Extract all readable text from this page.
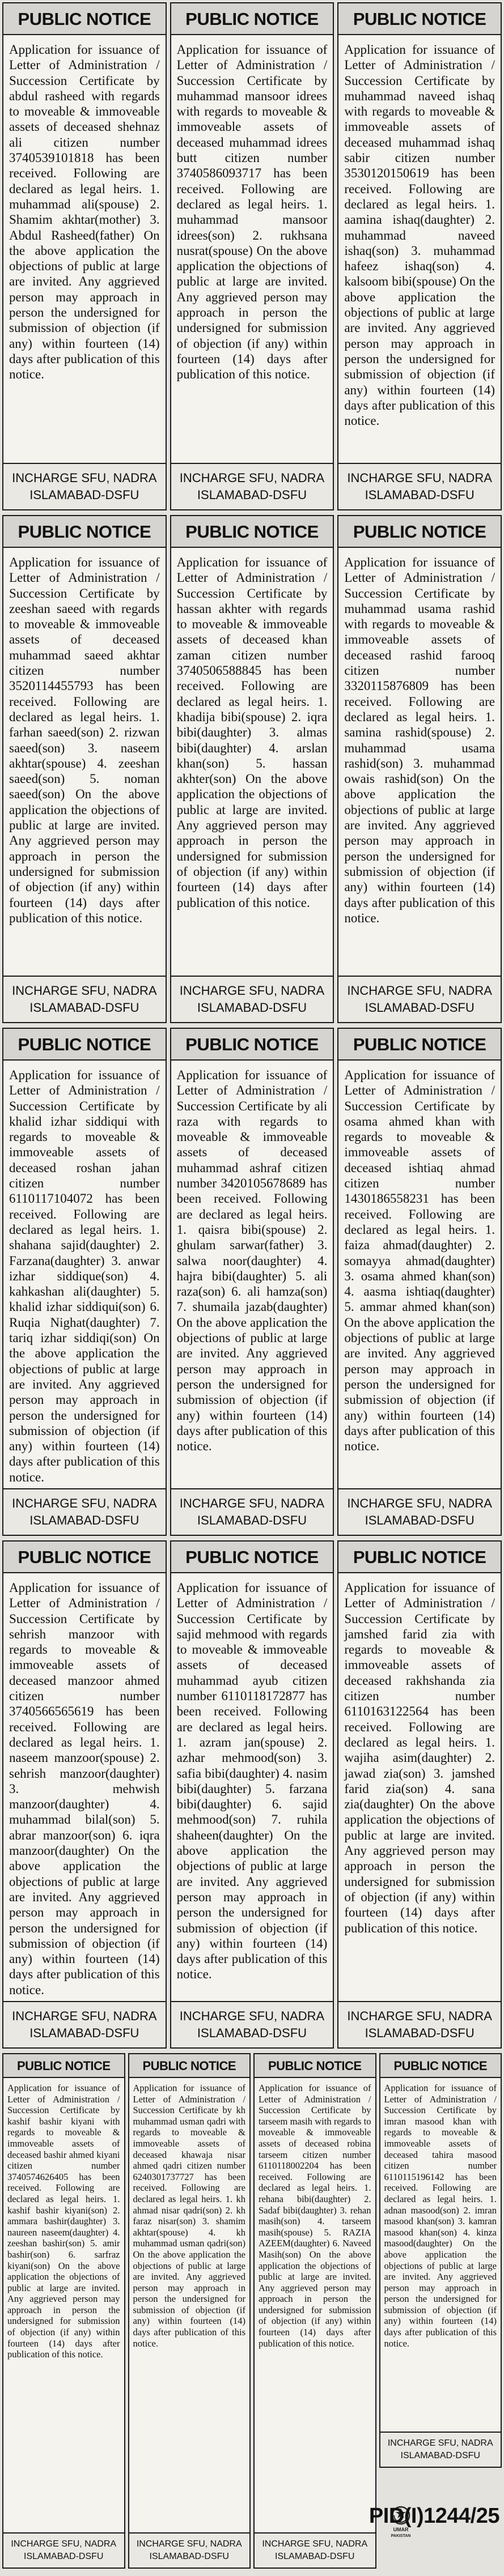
PUBLIC NOTICE
Application for issuance of Letter of Administration / Succession Certificate by abdul rasheed with regards to moveable & immoveable assets of deceased shehnaz ali citizen number 3740539101818 has been received. Following are declared as legal heirs. 1. muhammad ali(spouse) 2. Shamim akhtar(mother) 3. Abdul Rasheed(father) On the above application the objections of public at large are invited. Any aggrieved person may approach in person the undersigned for submission of objection (if any) within fourteen (14) days after publication of this notice.
INCHARGE SFU, NADRA
ISLAMABAD-DSFU
PUBLIC NOTICE
Application for issuance of Letter of Administration / Succession Certificate by muhammad mansoor idrees with regards to moveable & immoveable assets of deceased muhammad idrees butt citizen number 3740586093717 has been received. Following are declared as legal heirs. 1. muhammad mansoor idrees(son) 2. rukhsana nusrat(spouse) On the above application the objections of public at large are invited. Any aggrieved person may approach in person the undersigned for submission of objection (if any) within fourteen (14) days after publication of this notice.
INCHARGE SFU, NADRA
ISLAMABAD-DSFU
PUBLIC NOTICE
Application for issuance of Letter of Administration / Succession Certificate by muhammad naveed ishaq with regards to moveable & immoveable assets of deceased muhammad ishaq sabir citizen number 3530120150619 has been received. Following are declared as legal heirs. 1. aamina ishaq(daughter) 2. muhammad naveed ishaq(son) 3. muhammad hafeez ishaq(son) 4. kalsoom bibi(spouse) On the above application the objections of public at large are invited. Any aggrieved person may approach in person the undersigned for submission of objection (if any) within fourteen (14) days after publication of this notice.
INCHARGE SFU, NADRA
ISLAMABAD-DSFU
PUBLIC NOTICE
Application for issuance of Letter of Administration / Succession Certificate by zeeshan saeed with regards to moveable & immoveable assets of deceased muhammad saeed akhtar citizen number 3520114455793 has been received. Following are declared as legal heirs. 1. farhan saeed(son) 2. rizwan saeed(son) 3. naseem akhtar(spouse) 4. zeeshan saeed(son) 5. noman saeed(son) On the above application the objections of public at large are invited. Any aggrieved person may approach in person the undersigned for submission of objection (if any) within fourteen (14) days after publication of this notice.
INCHARGE SFU, NADRA
ISLAMABAD-DSFU
PUBLIC NOTICE
Application for issuance of Letter of Administration / Succession Certificate by hassan akhter with regards to moveable & immoveable assets of deceased khan zaman citizen number 3740506588845 has been received. Following are declared as legal heirs. 1. khadija bibi(spouse) 2. iqra bibi(daughter) 3. almas bibi(daughter) 4. arslan khan(son) 5. hassan akhter(son) On the above application the objections of public at large are invited. Any aggrieved person may approach in person the undersigned for submission of objection (if any) within fourteen (14) days after publication of this notice.
INCHARGE SFU, NADRA
ISLAMABAD-DSFU
PUBLIC NOTICE
Application for issuance of Letter of Administration / Succession Certificate by muhammad usama rashid with regards to moveable & immoveable assets of deceased rashid farooq citizen number 3320115876809 has been received. Following are declared as legal heirs. 1. samina rashid(spouse) 2. muhammad usama rashid(son) 3. muhammad owais rashid(son) On the above application the objections of public at large are invited. Any aggrieved person may approach in person the undersigned for submission of objection (if any) within fourteen (14) days after publication of this notice.
INCHARGE SFU, NADRA
ISLAMABAD-DSFU
PUBLIC NOTICE
Application for issuance of Letter of Administration / Succession Certificate by khalid izhar siddiqui with regards to moveable & immoveable assets of deceased roshan jahan citizen number 6110117104072 has been received. Following are declared as legal heirs. 1. shahana sajid(daughter) 2. Farzana(daughter) 3. anwar izhar siddique(son) 4. kahkashan ali(daughter) 5. khalid izhar siddiqui(son) 6. Ruqia Nighat(daughter) 7. tariq izhar siddiqi(son) On the above application the objections of public at large are invited. Any aggrieved person may approach in person the undersigned for submission of objection (if any) within fourteen (14) days after publication of this notice.
INCHARGE SFU, NADRA
ISLAMABAD-DSFU
PUBLIC NOTICE
Application for issuance of Letter of Administration / Succession Certificate by ali raza with regards to moveable & immoveable assets of deceased muhammad ashraf citizen number 3420105678689 has been received. Following are declared as legal heirs. 1. qaisra bibi(spouse) 2. ghulam sarwar(father) 3. salwa noor(daughter) 4. hajra bibi(daughter) 5. ali raza(son) 6. ali hamza(son) 7. shumaila jazab(daughter) On the above application the objections of public at large are invited. Any aggrieved person may approach in person the undersigned for submission of objection (if any) within fourteen (14) days after publication of this notice.
INCHARGE SFU, NADRA
ISLAMABAD-DSFU
PUBLIC NOTICE
Application for issuance of Letter of Administration / Succession Certificate by osama ahmed khan with regards to moveable & immoveable assets of deceased ishtiaq ahmad citizen number 1430186558231 has been received. Following are declared as legal heirs. 1. faiza ahmad(daughter) 2. somayya ahmad(daughter) 3. osama ahmed khan(son) 4. aasma ishtiaq(daughter) 5. ammar ahmed khan(son) On the above application the objections of public at large are invited. Any aggrieved person may approach in person the undersigned for submission of objection (if any) within fourteen (14) days after publication of this notice.
INCHARGE SFU, NADRA
ISLAMABAD-DSFU
PUBLIC NOTICE
Application for issuance of Letter of Administration / Succession Certificate by sehrish manzoor with regards to moveable & immoveable assets of deceased manzoor ahmed citizen number 3740566565619 has been received. Following are declared as legal heirs. 1. naseem manzoor(spouse) 2. sehrish manzoor(daughter) 3. mehwish manzoor(daughter) 4. muhammad bilal(son) 5. abrar manzoor(son) 6. iqra manzoor(daughter) On the above application the objections of public at large are invited. Any aggrieved person may approach in person the undersigned for submission of objection (if any) within fourteen (14) days after publication of this notice.
INCHARGE SFU, NADRA
ISLAMABAD-DSFU
PUBLIC NOTICE
Application for issuance of Letter of Administration / Succession Certificate by sajid mehmood with regards to moveable & immoveable assets of deceased muhammad ayub citizen number 6110118172877 has been received. Following are declared as legal heirs. 1. azram jan(spouse) 2. azhar mehmood(son) 3. safia bibi(daughter) 4. nasim bibi(daughter) 5. farzana bibi(daughter) 6. sajid mehmood(son) 7. ruhila shaheen(daughter) On the above application the objections of public at large are invited. Any aggrieved person may approach in person the undersigned for submission of objection (if any) within fourteen (14) days after publication of this notice.
INCHARGE SFU, NADRA
ISLAMABAD-DSFU
PUBLIC NOTICE
Application for issuance of Letter of Administration / Succession Certificate by jamshed farid zia with regards to moveable & immoveable assets of deceased rakhshanda zia citizen number 6110163122564 has been received. Following are declared as legal heirs. 1. wajiha asim(daughter) 2. jawad zia(son) 3. jamshed farid zia(son) 4. sana zia(daughter) On the above application the objections of public at large are invited. Any aggrieved person may approach in person the undersigned for submission of objection (if any) within fourteen (14) days after publication of this notice.
INCHARGE SFU, NADRA
ISLAMABAD-DSFU
PUBLIC NOTICE
Application for issuance of Letter of Administration / Succession Certificate by kashif bashir kiyani with regards to moveable & immoveable assets of deceased bashir ahmed kiyani citizen number 3740574626405 has been received. Following are declared as legal heirs. 1. kashif bashir kiyani(son) 2. ammara bashir(daughter) 3. naureen naseem(daughter) 4. zeeshan bashir(son) 5. amir bashir(son) 6. sarfraz kiyani(son) On the above application the objections of public at large are invited. Any aggrieved person may approach in person the undersigned for submission of objection (if any) within fourteen (14) days after publication of this notice.
INCHARGE SFU, NADRA
ISLAMABAD-DSFU
PUBLIC NOTICE
Application for issuance of Letter of Administration / Succession Certificate by kh muhammad usman qadri with regards to moveable & immoveable assets of deceased khawaja nisar ahmed qadri citizen number 6240301737727 has been received. Following are declared as legal heirs. 1. kh ahmad nisar qadri(son) 2. kh faraz nisar(son) 3. shamim akhtar(spouse) 4. kh muhammad usman qadri(son) On the above application the objections of public at large are invited. Any aggrieved person may approach in person the undersigned for submission of objection (if any) within fourteen (14) days after publication of this notice.
INCHARGE SFU, NADRA
ISLAMABAD-DSFU
PUBLIC NOTICE
Application for issuance of Letter of Administration / Succession Certificate by tarseem masih with regards to moveable & immoveable assets of deceased robina tarseem citizen number 6110118002204 has been received. Following are declared as legal heirs. 1. rehana bibi(daughter) 2. Sadaf bibi(daughter) 3. rehan masih(son) 4. tarseem masih(spouse) 5. RAZIA AZEEM(daughter) 6. Naveed Masih(son) On the above application the objections of public at large are invited. Any aggrieved person may approach in person the undersigned for submission of objection (if any) within fourteen (14) days after publication of this notice.
INCHARGE SFU, NADRA
ISLAMABAD-DSFU
PUBLIC NOTICE
Application for issuance of Letter of Administration / Succession Certificate by imran masood khan with regards to moveable & immoveable assets of deceased tahira masood citizen number 6110115196142 has been received. Following are declared as legal heirs. 1. adnan masood(son) 2. imran masood khan(son) 3. kamran masood khan(son) 4. kinza masood(daughter) On the above application the objections of public at large are invited. Any aggrieved person may approach in person the undersigned for submission of objection (if any) within fourteen (14) days after publication of this notice.
INCHARGE SFU, NADRA
ISLAMABAD-DSFU
UMAR
PAKISTAN
PID(I)1244/25
